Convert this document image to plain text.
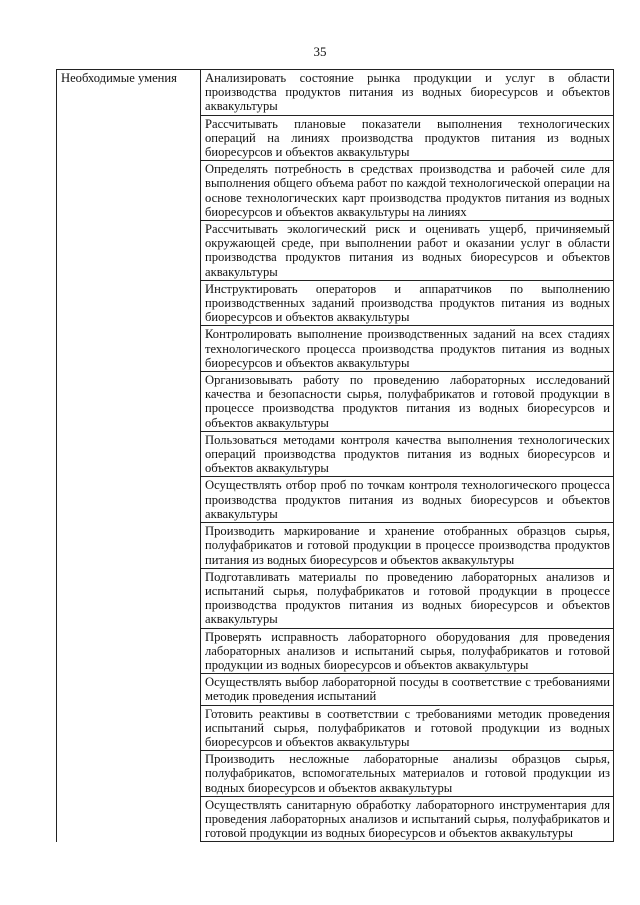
35
Необходимые умения	Анализировать состояние рынка продукции и услуг в области производства продуктов питания из водных биоресурсов и объектов аквакультуры
Рассчитывать плановые показатели выполнения технологических операций на линиях производства продуктов питания из водных биоресурсов и объектов аквакультуры
Определять потребность в средствах производства и рабочей силе для выполнения общего объема работ по каждой технологической операции на основе технологических карт производства продуктов питания из водных биоресурсов и объектов аквакультуры на линиях
Рассчитывать экологический риск и оценивать ущерб, причиняемый окружающей среде, при выполнении работ и оказании услуг в области производства продуктов питания из водных биоресурсов и объектов аквакультуры
Инструктировать операторов и аппаратчиков по выполнению производственных заданий производства продуктов питания из водных биоресурсов и объектов аквакультуры
Контролировать выполнение производственных заданий на всех стадиях технологического процесса производства продуктов питания из водных биоресурсов и объектов аквакультуры
Организовывать работу по проведению лабораторных исследований качества и безопасности сырья, полуфабрикатов и готовой продукции в процессе производства продуктов питания из водных биоресурсов и объектов аквакультуры
Пользоваться методами контроля качества выполнения технологических операций производства продуктов питания из водных биоресурсов и объектов аквакультуры
Осуществлять отбор проб по точкам контроля технологического процесса производства продуктов питания из водных биоресурсов и объектов аквакультуры
Производить маркирование и хранение отобранных образцов сырья, полуфабрикатов и готовой продукции в процессе производства продуктов питания из водных биоресурсов и объектов аквакультуры
Подготавливать материалы по проведению лабораторных анализов и испытаний сырья, полуфабрикатов и готовой продукции в процессе производства продуктов питания из водных биоресурсов и объектов аквакультуры
Проверять исправность лабораторного оборудования для проведения лабораторных анализов и испытаний сырья, полуфабрикатов и готовой продукции из водных биоресурсов и объектов аквакультуры
Осуществлять выбор лабораторной посуды в соответствие с требованиями методик проведения испытаний
Готовить реактивы в соответствии с требованиями методик проведения испытаний сырья, полуфабрикатов и готовой продукции из водных биоресурсов и объектов аквакультуры
Производить несложные лабораторные анализы образцов сырья, полуфабрикатов, вспомогательных материалов и готовой продукции из водных биоресурсов и объектов аквакультуры
Осуществлять санитарную обработку лабораторного инструментария для проведения лабораторных анализов и испытаний сырья, полуфабрикатов и готовой продукции из водных биоресурсов и объектов аквакультуры
